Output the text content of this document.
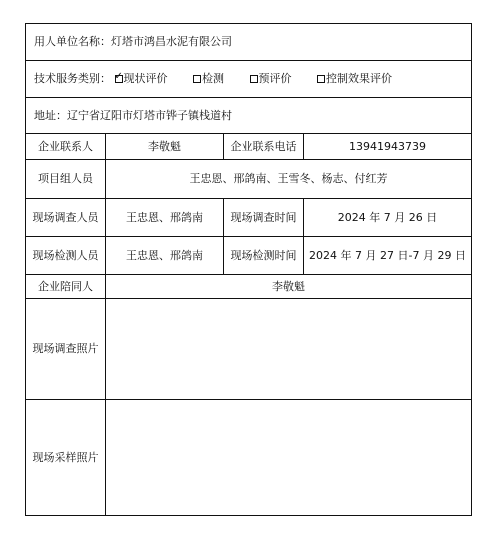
用人单位名称：灯塔市鸿昌水泥有限公司			
技术服务类别： ✓ 现状评价 检测 预评价 控制效果评价
地址：辽宁省辽阳市灯塔市铧子镇栈道村			
企业联系人	李敬魁	企业联系电话	13941943739
项目组人员	王忠恩、邢鸽南、王雪冬、杨志、付红芳		
现场调查人员	王忠恩、邢鸽南	现场调查时间	2024 年 7 月 26 日
现场检测人员	王忠恩、邢鸽南	现场检测时间	2024 年 7 月 27 日-7 月 29 日
企业陪同人	李敬魁		
现场调查照片			
现场采样照片			
